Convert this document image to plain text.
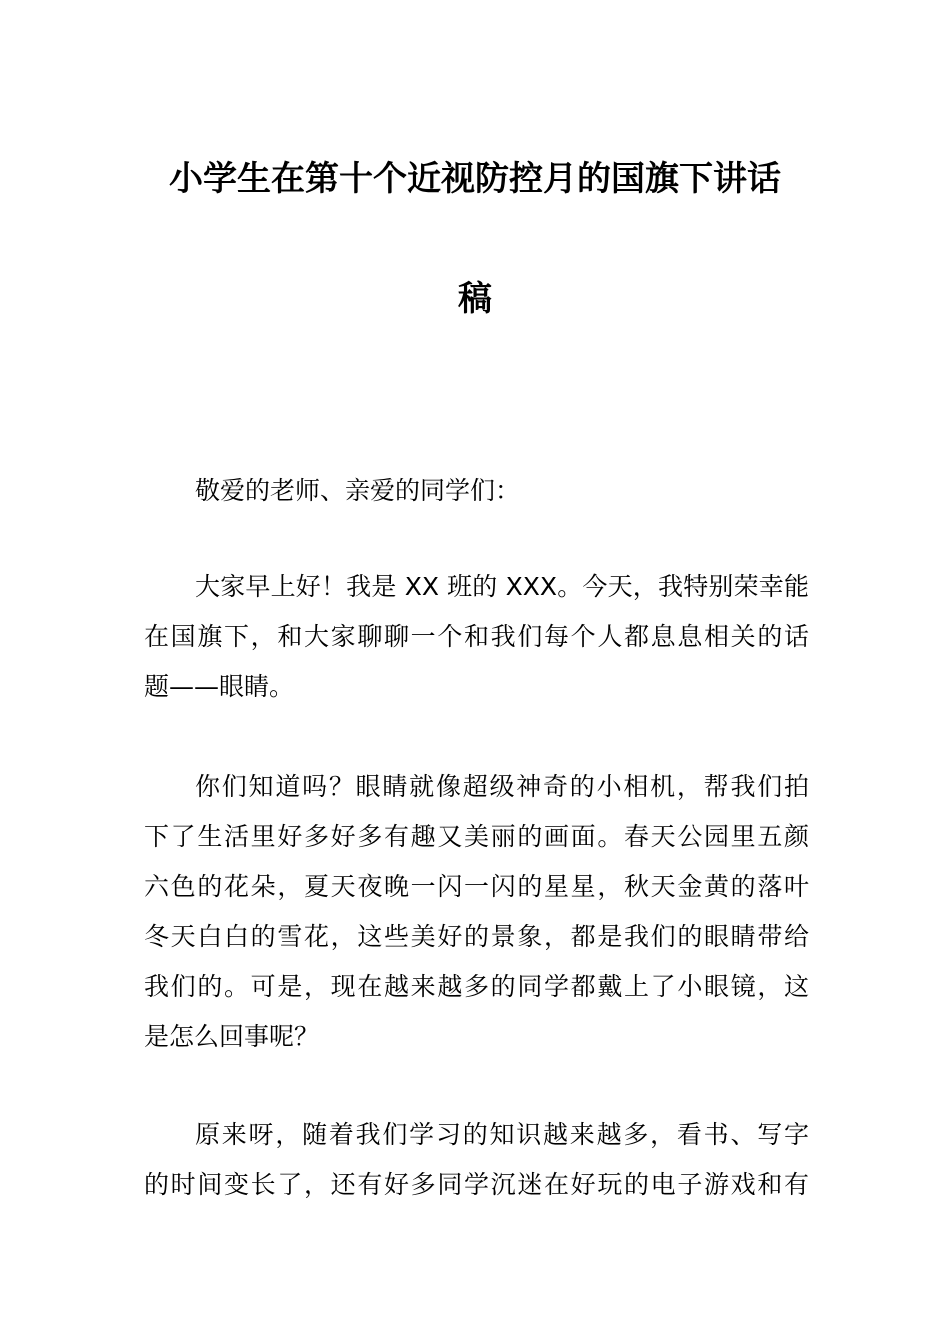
小学生在第十个近视防控月的国旗下讲话
稿
敬爱的老师、亲爱的同学们：
大家早上好！我是 XX 班的 XXX。今天，我特别荣幸能
在国旗下，和大家聊聊一个和我们每个人都息息相关的话
题——眼睛。
你们知道吗？眼睛就像超级神奇的小相机，帮我们拍
下了生活里好多好多有趣又美丽的画面。春天公园里五颜
六色的花朵，夏天夜晚一闪一闪的星星，秋天金黄的落叶
冬天白白的雪花，这些美好的景象，都是我们的眼睛带给
我们的。可是，现在越来越多的同学都戴上了小眼镜，这
是怎么回事呢？
原来呀，随着我们学习的知识越来越多，看书、写字
的时间变长了，还有好多同学沉迷在好玩的电子游戏和有
